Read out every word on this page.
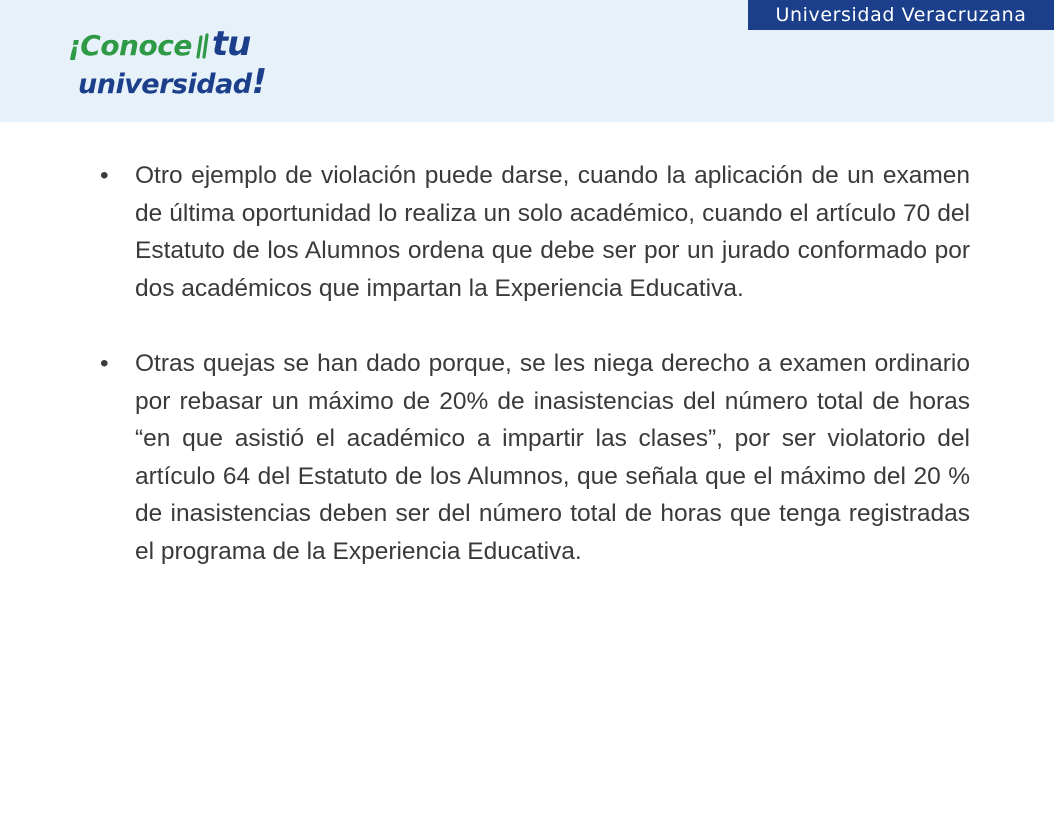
¡Conoce tu
universidad!
Universidad Veracruzana
•	Otro ejemplo de violación puede darse, cuando la aplicación de un examen de última oportunidad lo realiza un solo académico, cuando el artículo 70 del Estatuto de los Alumnos ordena que debe ser por un jurado conformado por dos académicos que impartan la Experiencia Educativa.
•	Otras quejas se han dado porque, se les niega derecho a examen ordinario por rebasar un máximo de 20% de inasistencias del número total de horas “en que asistió el académico a impartir las clases”, por ser violatorio del artículo 64 del Estatuto de los Alumnos, que señala que el máximo del 20 % de inasistencias deben ser del número total de horas que tenga registradas el programa de la Experiencia Educativa.
